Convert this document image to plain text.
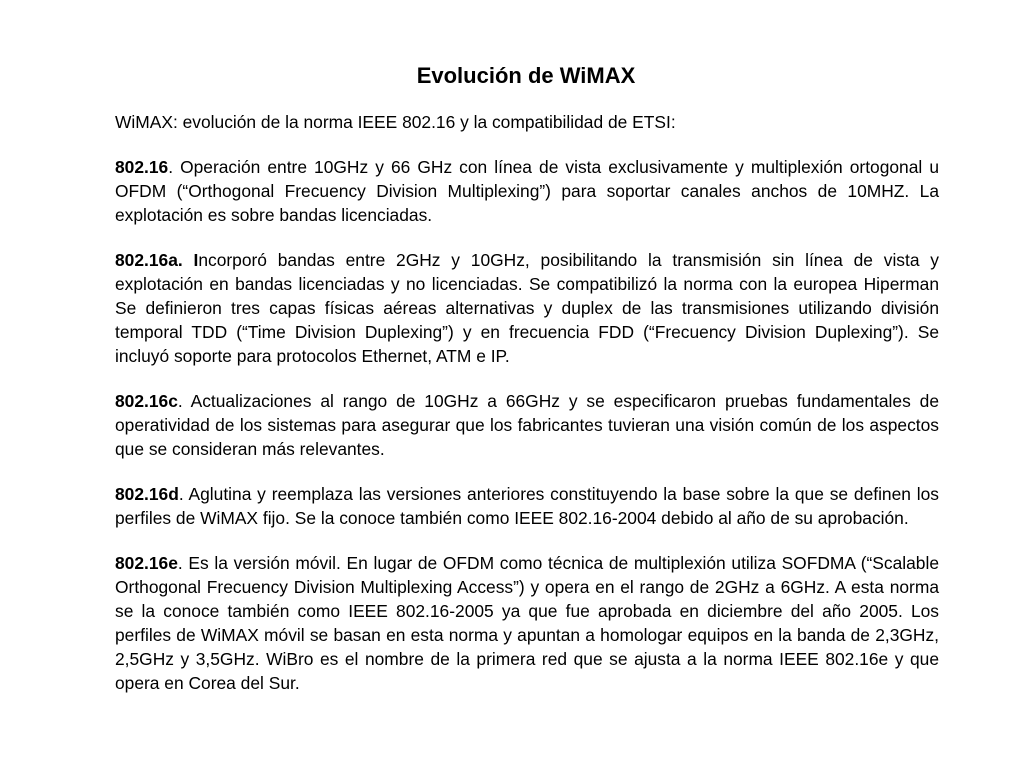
Evolución de WiMAX

WiMAX: evolución de la norma IEEE 802.16 y la compatibilidad de ETSI:

802.16. Operación entre 10GHz y 66 GHz con línea de vista exclusivamente y multiplexión ortogonal u OFDM (“Orthogonal Frecuency Division Multiplexing”) para soportar canales anchos de 10MHZ. La explotación es sobre bandas licenciadas.

802.16a. Incorporó bandas entre 2GHz y 10GHz, posibilitando la transmisión sin línea de vista y explotación en bandas licenciadas y no licenciadas. Se compatibilizó la norma con la europea Hiperman Se definieron tres capas físicas aéreas alternativas y duplex de las transmisiones utilizando división temporal TDD (“Time Division Duplexing”) y en frecuencia FDD (“Frecuency Division Duplexing”). Se incluyó soporte para protocolos Ethernet, ATM e IP.

802.16c. Actualizaciones al rango de 10GHz a 66GHz y se especificaron pruebas fundamentales de operatividad de los sistemas para asegurar que los fabricantes tuvieran una visión común de los aspectos que se consideran más relevantes.

802.16d. Aglutina y reemplaza las versiones anteriores constituyendo la base sobre la que se definen los perfiles de WiMAX fijo. Se la conoce también como IEEE 802.16-2004 debido al año de su aprobación.

802.16e. Es la versión móvil. En lugar de OFDM como técnica de multiplexión utiliza SOFDMA (“Scalable Orthogonal Frecuency Division Multiplexing Access”) y opera en el rango de 2GHz a 6GHz. A esta norma se la conoce también como IEEE 802.16-2005 ya que fue aprobada en diciembre del año 2005. Los perfiles de WiMAX móvil se basan en esta norma y apuntan a homologar equipos en la banda de 2,3GHz, 2,5GHz y 3,5GHz. WiBro es el nombre de la primera red que se ajusta a la norma IEEE 802.16e y que opera en Corea del Sur.
